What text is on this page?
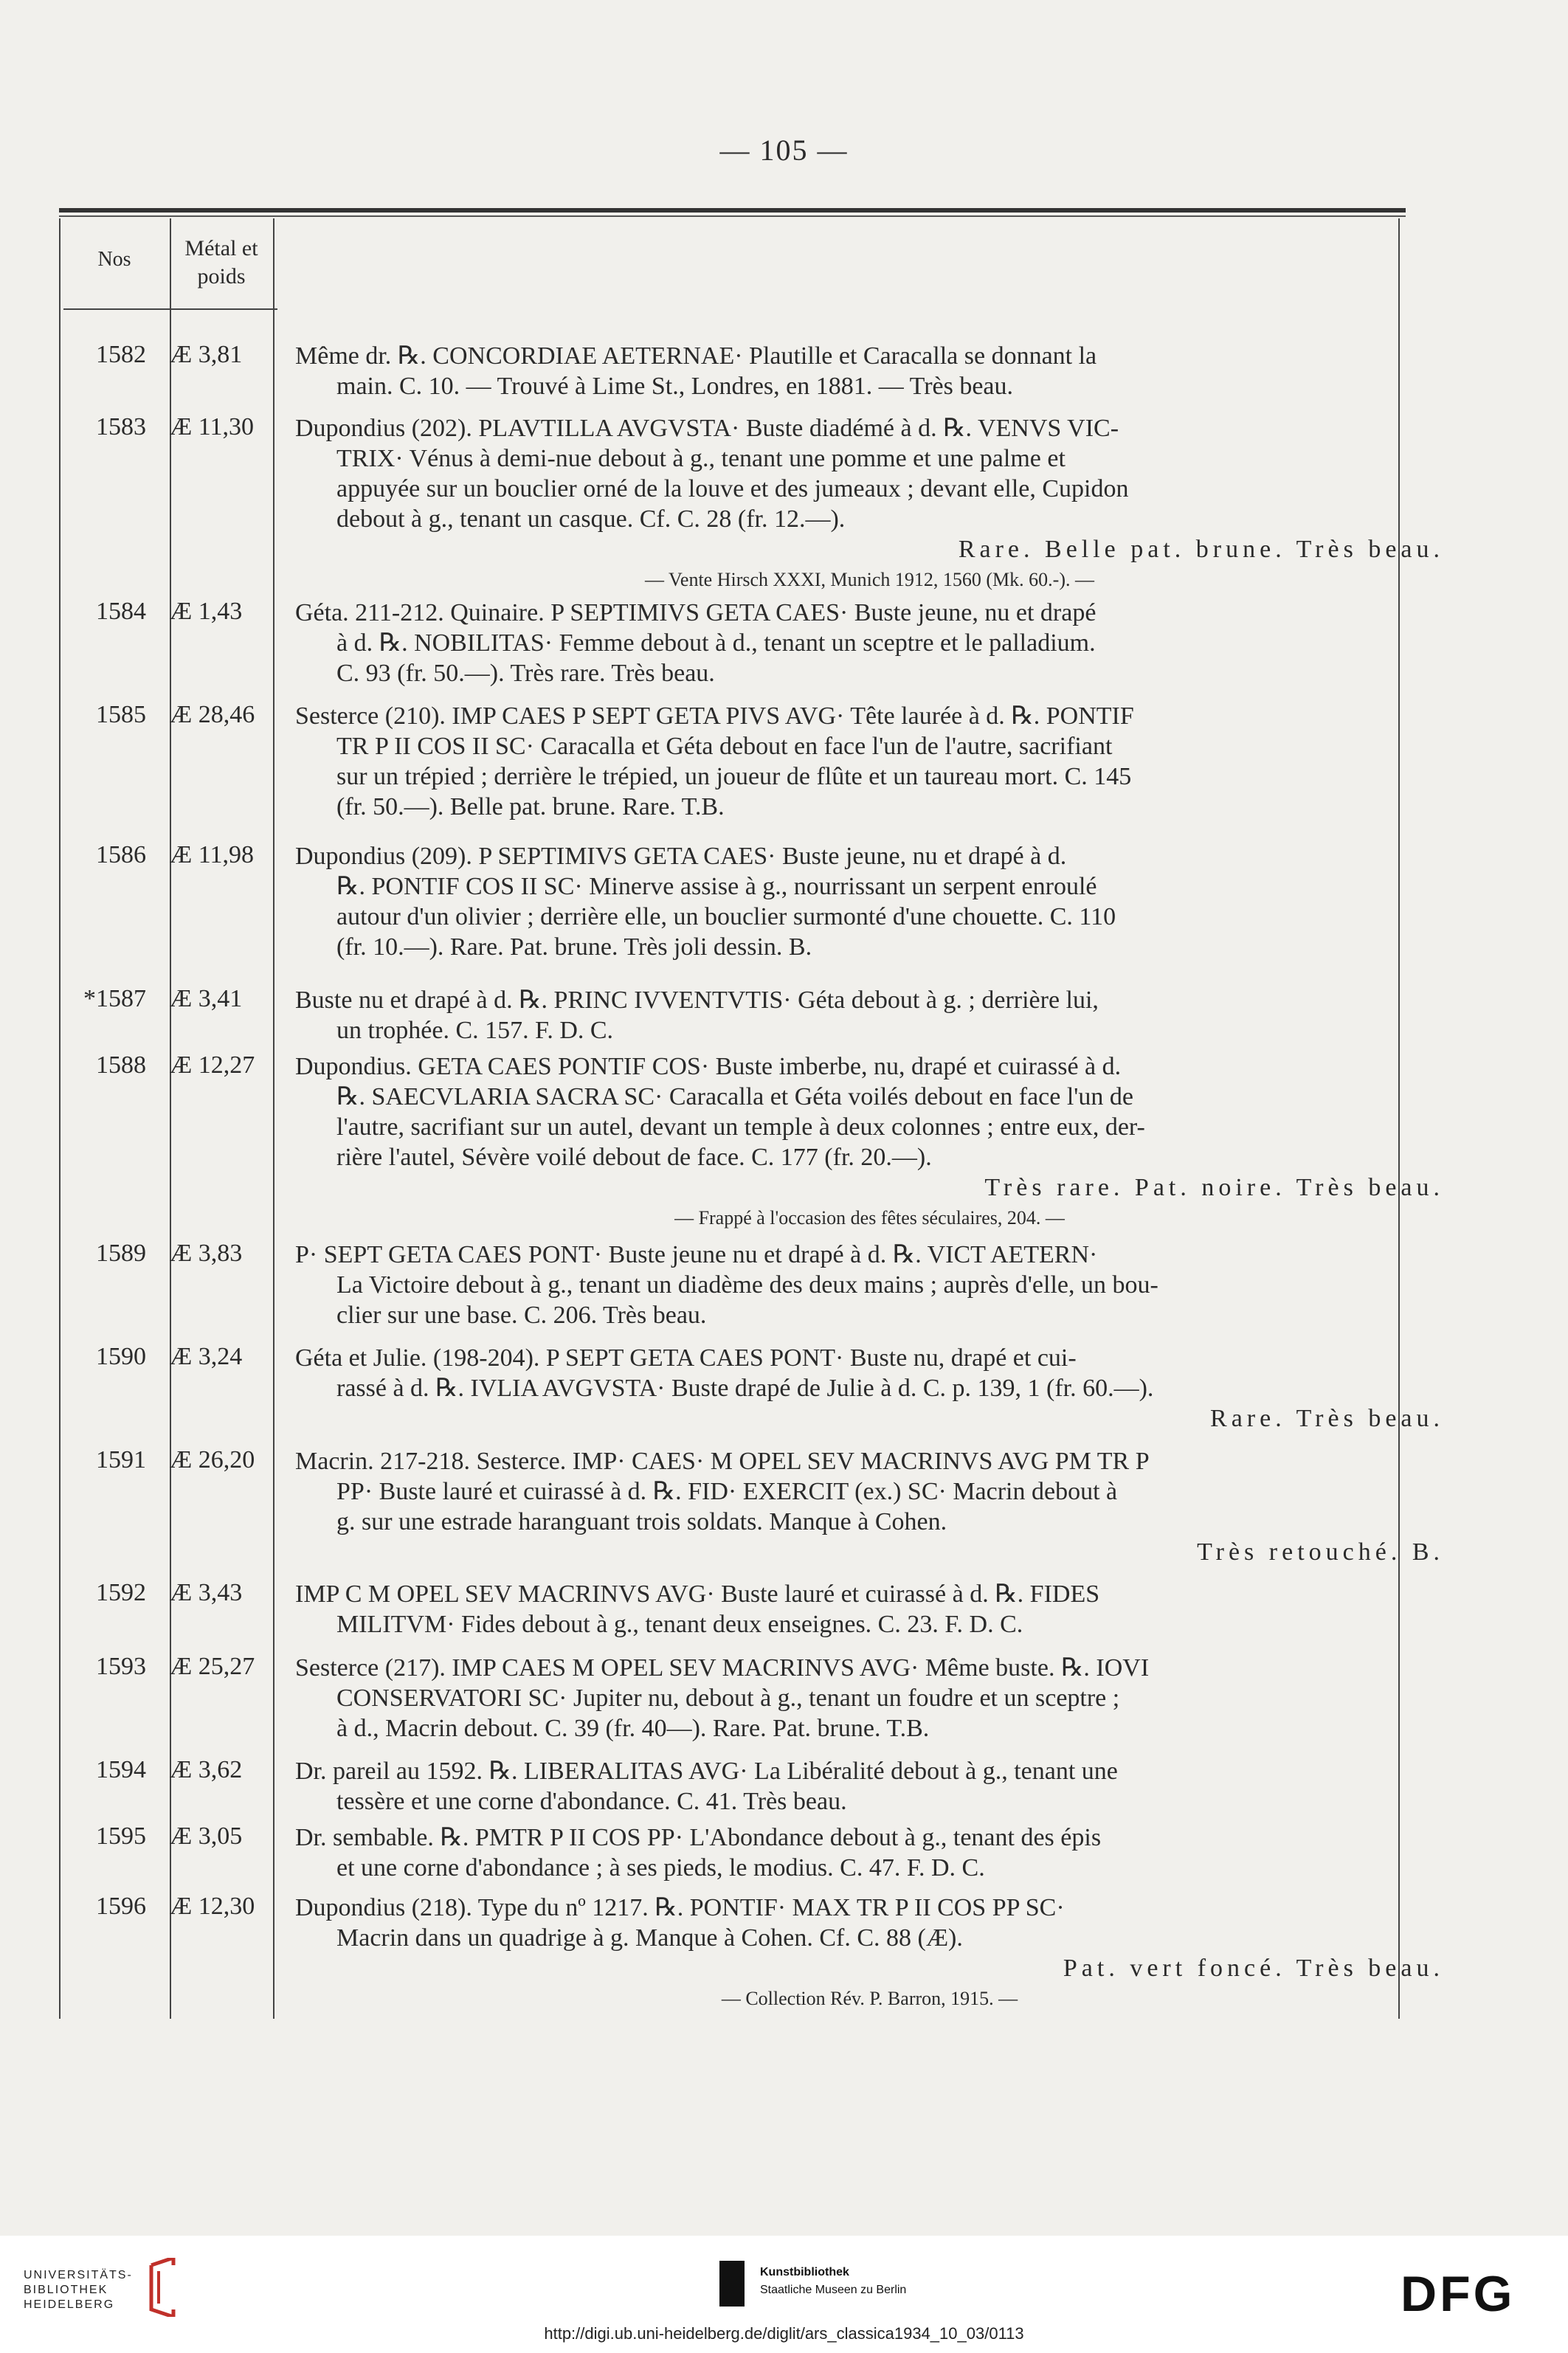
— 105 —
Nos	Métal et poids
1582 Æ 3,81	Même dr. ℞. CONCORDIAE AETERNAE· Plautille et Caracalla se donnant la
main. C. 10. — Trouvé à Lime St., Londres, en 1881. — Très beau.
1583 Æ 11,30	Dupondius (202). PLAVTILLA AVGVSTA· Buste diadémé à d. ℞. VENVS VIC-
TRIX· Vénus à demi-nue debout à g., tenant une pomme et une palme et
appuyée sur un bouclier orné de la louve et des jumeaux ; devant elle, Cupidon
debout à g., tenant un casque. Cf. C. 28 (fr. 12.—).
Rare. Belle pat. brune. Très beau.
— Vente Hirsch XXXI, Munich 1912, 1560 (Mk. 60.-). —
1584 Æ 1,43	Géta. 211-212. Quinaire. P SEPTIMIVS GETA CAES· Buste jeune, nu et drapé
à d. ℞. NOBILITAS· Femme debout à d., tenant un sceptre et le palladium.
C. 93 (fr. 50.—). Très rare. Très beau.
1585 Æ 28,46	Sesterce (210). IMP CAES P SEPT GETA PIVS AVG· Tête laurée à d. ℞. PONTIF
TR P II COS II SC· Caracalla et Géta debout en face l'un de l'autre, sacrifiant
sur un trépied ; derrière le trépied, un joueur de flûte et un taureau mort. C. 145
(fr. 50.—). Belle pat. brune. Rare. T.B.
1586 Æ 11,98	Dupondius (209). P SEPTIMIVS GETA CAES· Buste jeune, nu et drapé à d.
℞. PONTIF COS II SC· Minerve assise à g., nourrissant un serpent enroulé
autour d'un olivier ; derrière elle, un bouclier surmonté d'une chouette. C. 110
(fr. 10.—). Rare. Pat. brune. Très joli dessin. B.
*1587 Æ 3,41	Buste nu et drapé à d. ℞. PRINC IVVENTVTIS· Géta debout à g. ; derrière lui,
un trophée. C. 157. F. D. C.
1588 Æ 12,27	Dupondius. GETA CAES PONTIF COS· Buste imberbe, nu, drapé et cuirassé à d.
℞. SAECVLARIA SACRA SC· Caracalla et Géta voilés debout en face l'un de
l'autre, sacrifiant sur un autel, devant un temple à deux colonnes ; entre eux, der-
rière l'autel, Sévère voilé debout de face. C. 177 (fr. 20.—).
Très rare. Pat. noire. Très beau.
— Frappé à l'occasion des fêtes séculaires, 204. —
1589 Æ 3,83	P· SEPT GETA CAES PONT· Buste jeune nu et drapé à d. ℞. VICT AETERN·
La Victoire debout à g., tenant un diadème des deux mains ; auprès d'elle, un bou-
clier sur une base. C. 206. Très beau.
1590 Æ 3,24	Géta et Julie. (198-204). P SEPT GETA CAES PONT· Buste nu, drapé et cui-
rassé à d. ℞. IVLIA AVGVSTA· Buste drapé de Julie à d. C. p. 139, 1 (fr. 60.—).
Rare. Très beau.
1591 Æ 26,20	Macrin. 217-218. Sesterce. IMP· CAES· M OPEL SEV MACRINVS AVG PM TR P
PP· Buste lauré et cuirassé à d. ℞. FID· EXERCIT (ex.) SC· Macrin debout à
g. sur une estrade haranguant trois soldats. Manque à Cohen.
Très retouché. B.
1592 Æ 3,43	IMP C M OPEL SEV MACRINVS AVG· Buste lauré et cuirassé à d. ℞. FIDES
MILITVM· Fides debout à g., tenant deux enseignes. C. 23. F. D. C.
1593 Æ 25,27	Sesterce (217). IMP CAES M OPEL SEV MACRINVS AVG· Même buste. ℞. IOVI
CONSERVATORI SC· Jupiter nu, debout à g., tenant un foudre et un sceptre ;
à d., Macrin debout. C. 39 (fr. 40—). Rare. Pat. brune. T.B.
1594 Æ 3,62	Dr. pareil au 1592. ℞. LIBERALITAS AVG· La Libéralité debout à g., tenant une
tessère et une corne d'abondance. C. 41. Très beau.
1595 Æ 3,05	Dr. sembable. ℞. PMTR P II COS PP· L'Abondance debout à g., tenant des épis
et une corne d'abondance ; à ses pieds, le modius. C. 47. F. D. C.
1596 Æ 12,30	Dupondius (218). Type du nº 1217. ℞. PONTIF· MAX TR P II COS PP SC·
Macrin dans un quadrige à g. Manque à Cohen. Cf. C. 88 (Æ).
Pat. vert foncé. Très beau.
— Collection Rév. P. Barron, 1915. —
UNIVERSITÄTS-
BIBLIOTHEK
HEIDELBERG
Kunstbibliothek
Staatliche Museen zu Berlin	DFG
http://digi.ub.uni-heidelberg.de/diglit/ars_classica1934_10_03/0113
